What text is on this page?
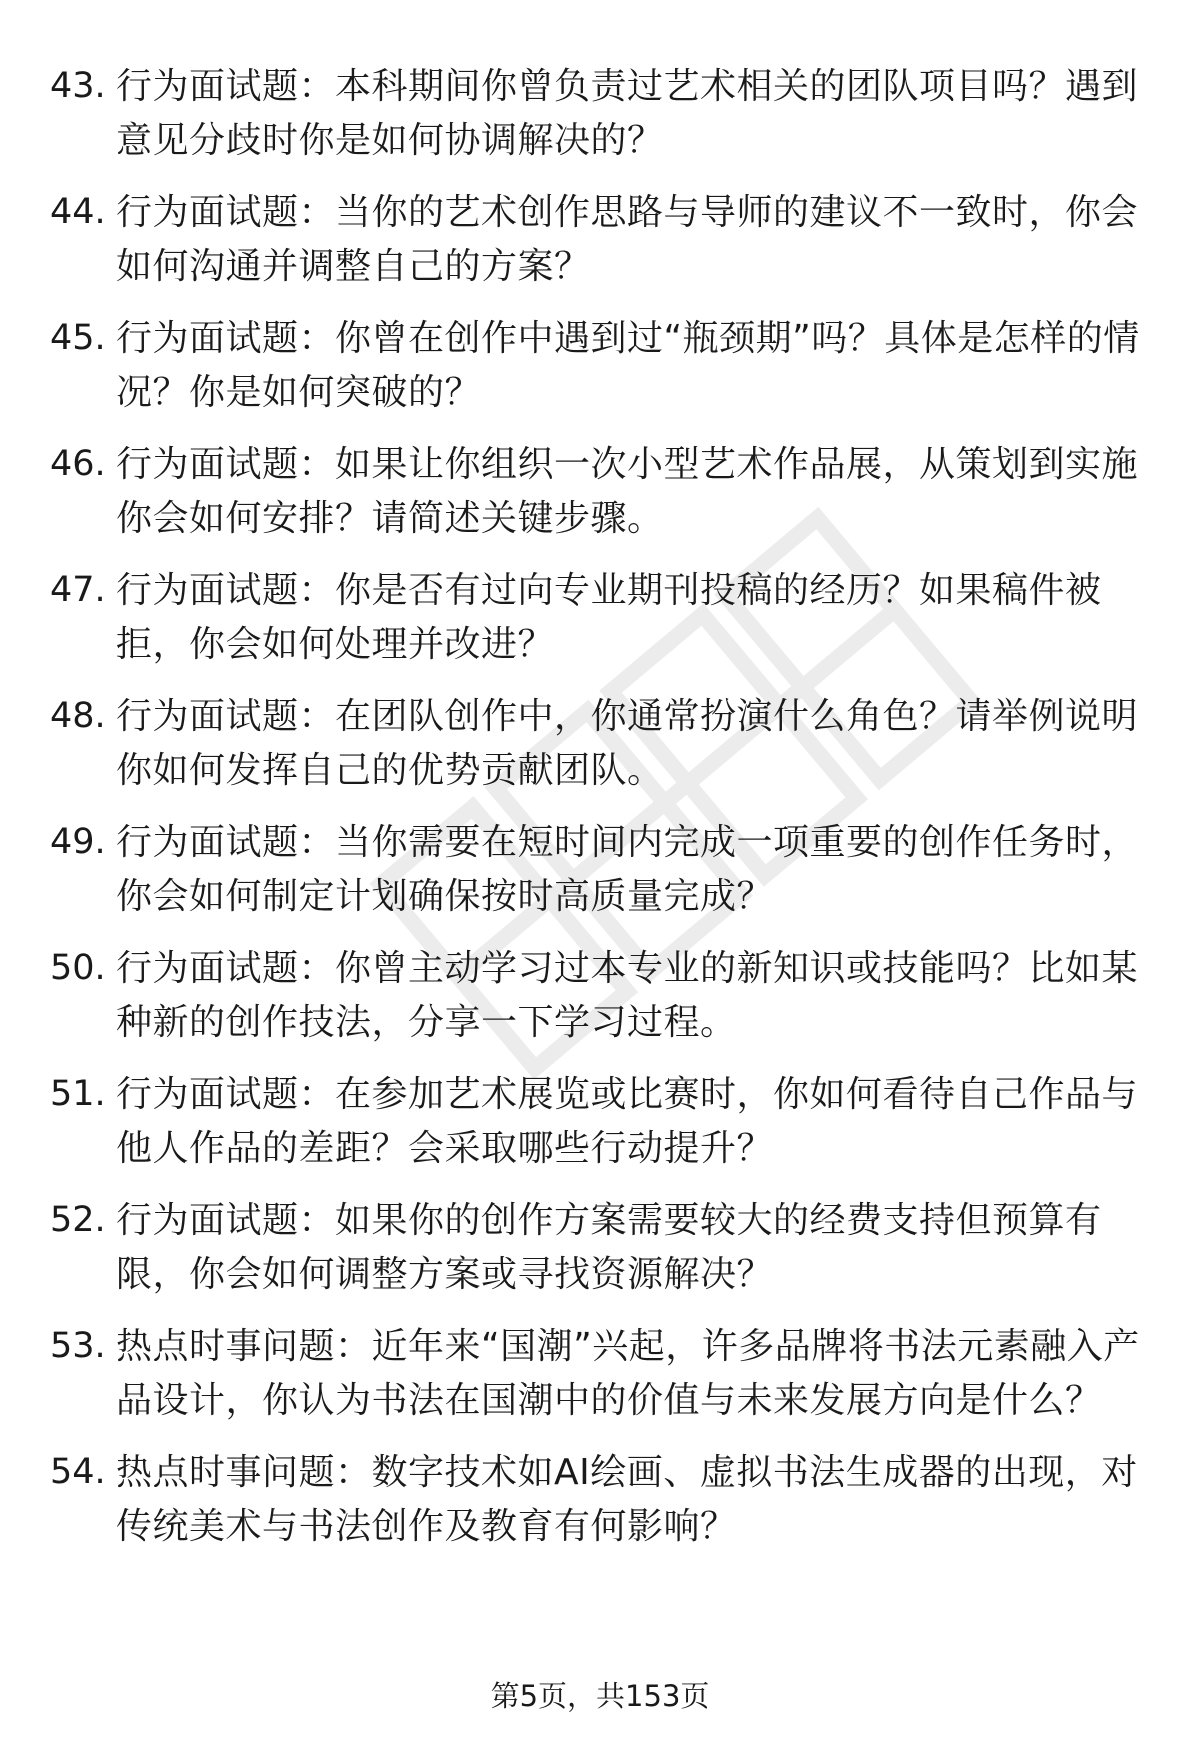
43. 行为面试题：本科期间你曾负责过艺术相关的团队项目吗？遇到意见分歧时你是如何协调解决的？
44. 行为面试题：当你的艺术创作思路与导师的建议不一致时，你会如何沟通并调整自己的方案？
45. 行为面试题：你曾在创作中遇到过“瓶颈期”吗？具体是怎样的情况？你是如何突破的？
46. 行为面试题：如果让你组织一次小型艺术作品展，从策划到实施你会如何安排？请简述关键步骤。
47. 行为面试题：你是否有过向专业期刊投稿的经历？如果稿件被拒，你会如何处理并改进？
48. 行为面试题：在团队创作中，你通常扮演什么角色？请举例说明你如何发挥自己的优势贡献团队。
49. 行为面试题：当你需要在短时间内完成一项重要的创作任务时，你会如何制定计划确保按时高质量完成？
50. 行为面试题：你曾主动学习过本专业的新知识或技能吗？比如某种新的创作技法，分享一下学习过程。
51. 行为面试题：在参加艺术展览或比赛时，你如何看待自己作品与他人作品的差距？会采取哪些行动提升？
52. 行为面试题：如果你的创作方案需要较大的经费支持但预算有限，你会如何调整方案或寻找资源解决？
53. 热点时事问题：近年来“国潮”兴起，许多品牌将书法元素融入产品设计，你认为书法在国潮中的价值与未来发展方向是什么？
54. 热点时事问题：数字技术如AI绘画、虚拟书法生成器的出现，对传统美术与书法创作及教育有何影响？
第5页，共153页
